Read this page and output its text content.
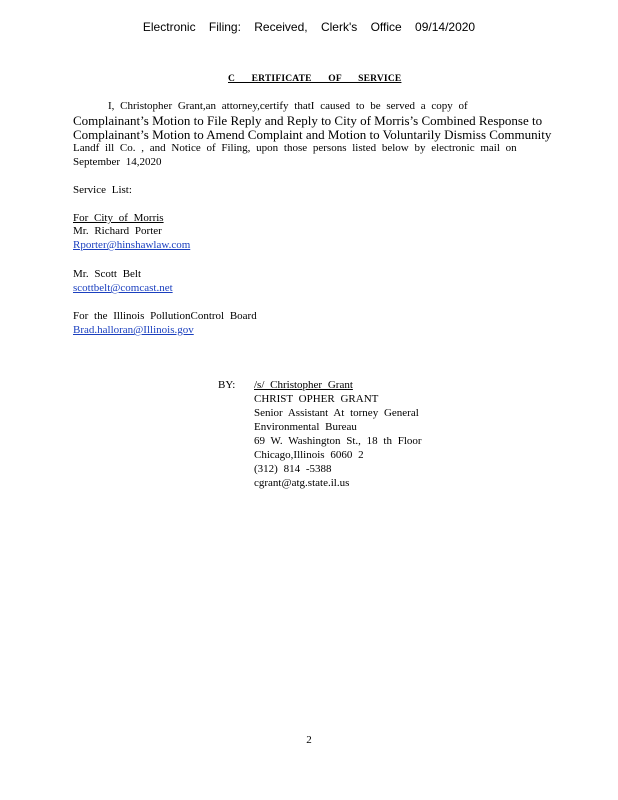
Electronic Filing: Received, Clerk's Office 09/14/2020
C ERTIFICATE OF SERVICE
I, Christopher Grant,an attorney,certify thatI caused to be served a copy of
Complainant’s Motion to File Reply and Reply to City of Morris’s Combined Response to
Complainant’s Motion to Amend Complaint and Motion to Voluntarily Dismiss Community
Landf ill Co. , and Notice of Filing, upon those persons listed below by electronic mail on
September 14,2020
Service List:
For City of Morris
Mr. Richard Porter
Rporter@hinshawlaw.com
Mr. Scott Belt
scottbelt@comcast.net
For the Illinois PollutionControl Board
Brad.halloran@Illinois.gov
BY: /s/ Christopher Grant
CHRIST OPHER GRANT
Senior Assistant At torney General
Environmental Bureau
69 W. Washington St., 18 th Floor
Chicago,Illinois 6060 2
(312) 814 -5388
cgrant@atg.state.il.us
2
